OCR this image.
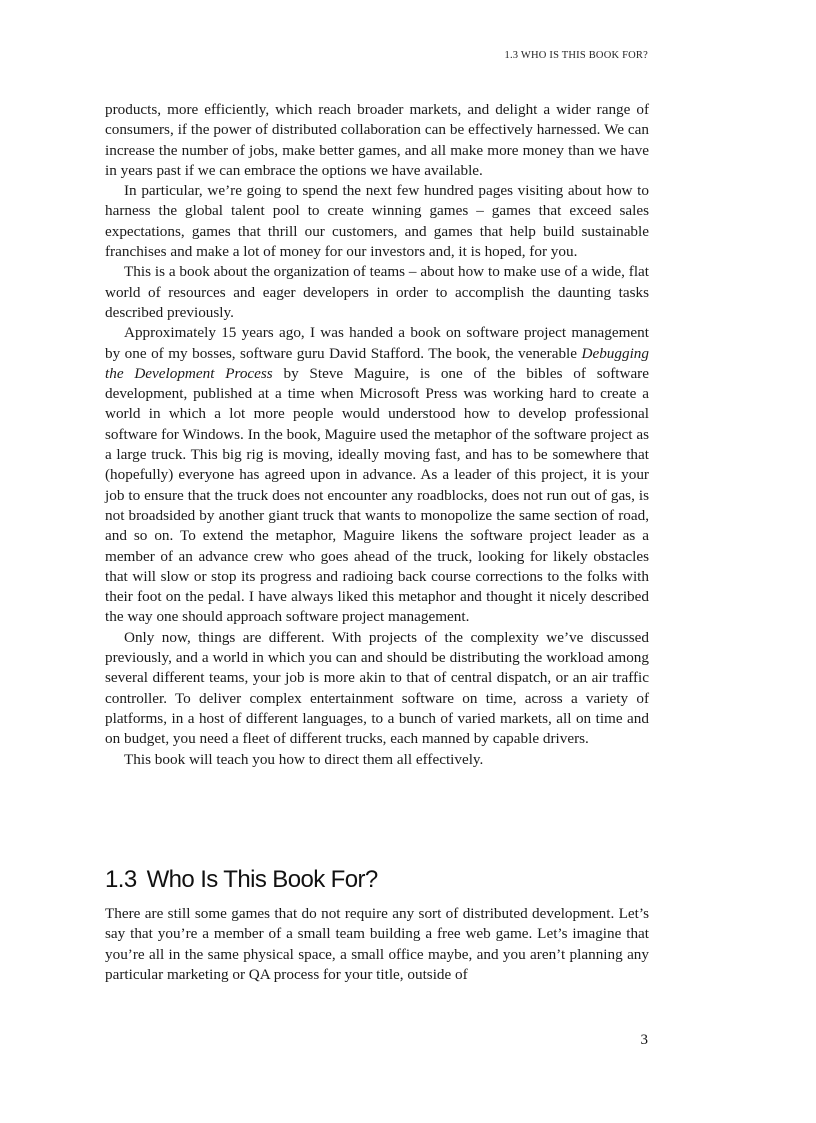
1.3 WHO IS THIS BOOK FOR?

products, more efficiently, which reach broader markets, and delight a wider range of consumers, if the power of distributed collaboration can be effectively harnessed. We can increase the number of jobs, make better games, and all make more money than we have in years past if we can embrace the options we have available.

In particular, we’re going to spend the next few hundred pages visiting about how to harness the global talent pool to create winning games – games that exceed sales expectations, games that thrill our customers, and games that help build sustainable franchises and make a lot of money for our investors and, it is hoped, for you.

This is a book about the organization of teams – about how to make use of a wide, flat world of resources and eager developers in order to accomplish the daunting tasks described previously.

Approximately 15 years ago, I was handed a book on software project management by one of my bosses, software guru David Stafford. The book, the venerable Debugging the Development Process by Steve Maguire, is one of the bibles of software development, published at a time when Microsoft Press was working hard to create a world in which a lot more people would understood how to develop professional software for Windows. In the book, Maguire used the metaphor of the software project as a large truck. This big rig is moving, ideally moving fast, and has to be somewhere that (hopefully) everyone has agreed upon in advance. As a leader of this project, it is your job to ensure that the truck does not encounter any roadblocks, does not run out of gas, is not broadsided by another giant truck that wants to monopolize the same section of road, and so on. To extend the metaphor, Maguire likens the software project leader as a member of an advance crew who goes ahead of the truck, looking for likely obstacles that will slow or stop its progress and radioing back course corrections to the folks with their foot on the pedal. I have always liked this metaphor and thought it nicely described the way one should approach software project management.

Only now, things are different. With projects of the complexity we’ve discussed previously, and a world in which you can and should be distributing the workload among several different teams, your job is more akin to that of central dispatch, or an air traffic controller. To deliver complex entertainment software on time, across a variety of platforms, in a host of different languages, to a bunch of varied markets, all on time and on budget, you need a fleet of different trucks, each manned by capable drivers.

This book will teach you how to direct them all effectively.

1.3 Who Is This Book For?

There are still some games that do not require any sort of distributed development. Let’s say that you’re a member of a small team building a free web game. Let’s imagine that you’re all in the same physical space, a small office maybe, and you aren’t planning any particular marketing or QA process for your title, outside of

3
